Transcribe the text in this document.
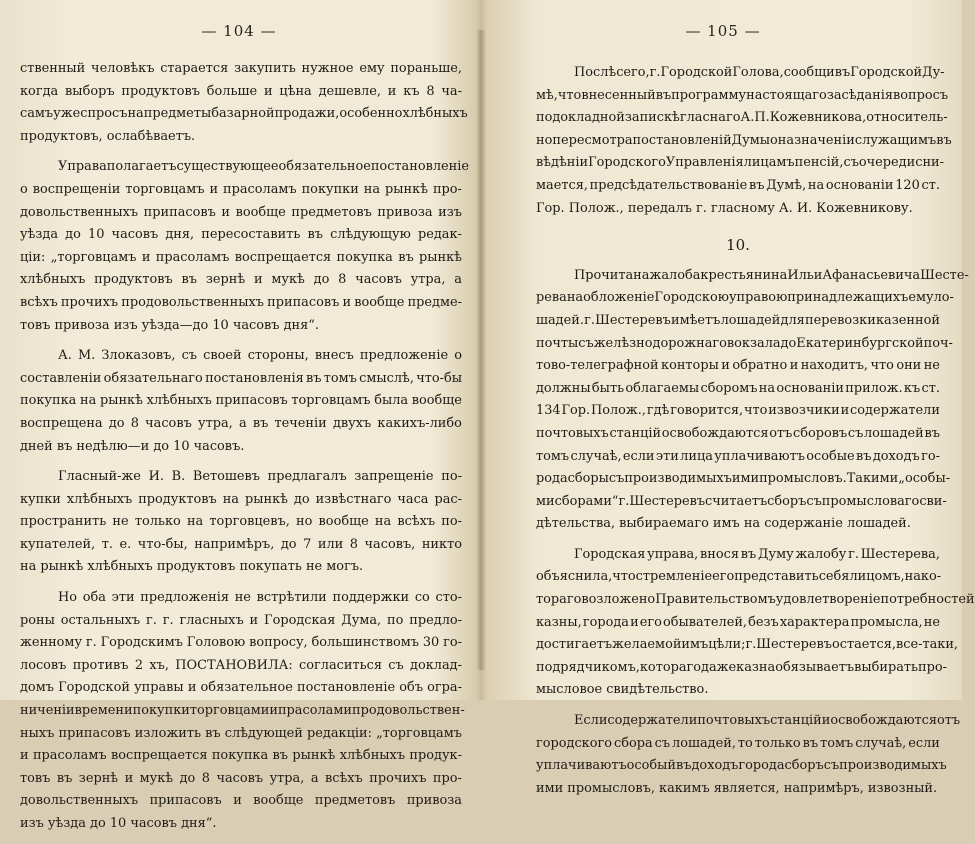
— 104 —
ственный человѣкъ старается закупить нужное ему пораньше,
когда выборъ продуктовъ больше и цѣна дешевле, и къ 8 ча-
самъ уже спросъ на предметы базарной продажи, особенно хлѣбныхъ
продуктовъ, ослабѣваетъ.
Управа полагаетъ существующее обязательное постановленіе
о воспрещеніи торговцамъ и прасоламъ покупки на рынкѣ про-
довольственныхъ припасовъ и вообще предметовъ привоза изъ
уѣзда до 10 часовъ дня, пересоставить въ слѣдующую редак-
ціи: „торговцамъ и прасоламъ воспрещается покупка въ рынкѣ
хлѣбныхъ продуктовъ въ зернѣ и мукѣ до 8 часовъ утра, а
вcѣхъ прочихъ продовольственныхъ припасовъ и вообще предме-
товъ привоза изъ уѣзда—до 10 часовъ дня“.
А. М. Злоказовъ, съ своей стороны, внесъ предложеніе о
составленіи обязательнаго постановленія въ томъ смыслѣ, что-бы
покупка на рынкѣ хлѣбныхъ припасовъ торговцамъ была вообще
воспрещена до 8 часовъ утра, а въ теченіи двухъ какихъ-либо
дней въ недѣлю—и до 10 часовъ.
Гласный-же И. В. Ветошевъ предлагалъ запрещеніе по-
купки хлѣбныхъ продуктовъ на рынкѣ до извѣстнаго часа рас-
пространить не только на торговцевъ, но вообще на всѣхъ по-
купателей, т. е. что-бы, напримѣръ, до 7 или 8 часовъ, никто
на рынкѣ хлѣбныхъ продуктовъ покупать не могъ.
Но оба эти предложенія не встрѣтили поддержки со сто-
роны остальныхъ г. г. гласныхъ и Городская Дума, по предло-
женному г. Городскимъ Головою вопросу, большинствомъ 30 го-
лосовъ противъ 2 хъ, ПОСТАНОВИЛА: согласиться съ доклад-
домъ Городской управы и обязательное постановленіе объ огра-
ниченіи времени покупки торговцами и прасолами продовольствен-
ныхъ припасовъ изложить въ слѣдующей редакціи: „торговцамъ
и прасоламъ воспрещается покупка въ рынкѣ хлѣбныхъ продук-
товъ въ зернѣ и мукѣ до 8 часовъ утра, а вcѣхъ прочихъ про-
довольственныхъ припасовъ и вообще предметовъ привоза
изъ уѣзда до 10 часовъ дня“.
— 105 —
Послѣ сего, г. Городской Голова, сообщивъ Городской Ду-
мѣ, что внесенный въ программу настоящаго засѣданія вопросъ
по докладной запискѣ гласнаго А. П. Кожевникова, относитель-
но пересмотра постановленій Думы о назначеніи служащимъ въ
вѣдѣніи Городского Управленія лицамъ пенсій, съ очереди сни-
мается, предсѣдательствованіе въ Думѣ, на основаніи 120 ст.
Гор. Полож., передалъ г. гласному А. И. Кожевникову.
10.
Прочитана жалоба крестьянина Ильи Афанасьевича Шесте-
рева на обложеніе Городскою управою принадлежащихъ ему ло-
шадей. г. Шестеревъ имѣетъ лошадей для перевозки казенной
почты съ желѣзнодорожнаго вокзала до Екатеринбургской поч-
тово-телеграфной конторы и обратно и находитъ, что они не
должны быть облагаемы сборомъ на основаніи прилож. къ ст.
134 Гор. Полож., гдѣ говорится, что извозчики и содержатели
почтовыхъ станцій освобождаются отъ сборовъ съ лошадей въ
томъ случаѣ, если эти лица уплачиваютъ особые въ доходъ го-
рода сборы съ производимыхъ ими промысловъ. Такими „особы-
ми сборами“ г. Шестеревъ считаетъ сборъ съ промысловаго сви-
дѣтельства, выбираемаго имъ на содержаніе лошадей.
Городская управа, внося въ Думу жалобу г. Шестерева,
объяснила, что стремленіе его представить себя лицомъ, на ко-
тораго возложено Правительствомъ удовлетвореніе потребностей
казны, города и его обывателей, безъ характера промысла, не
достигаетъ желаемой имъ цѣли; г. Шестеревъ остается, все-таки,
подрядчикомъ, котораго даже казна обязываетъ выбирать про-
мысловое свидѣтельство.
Если содержатели почтовыхъ станцій и освобождаются отъ
городского сбора съ лошадей, то только въ томъ случаѣ, если
уплачиваютъ особый въ доходъ города сборъ съ производимыхъ
ими промысловъ, какимъ является, напримѣръ, извозный.
